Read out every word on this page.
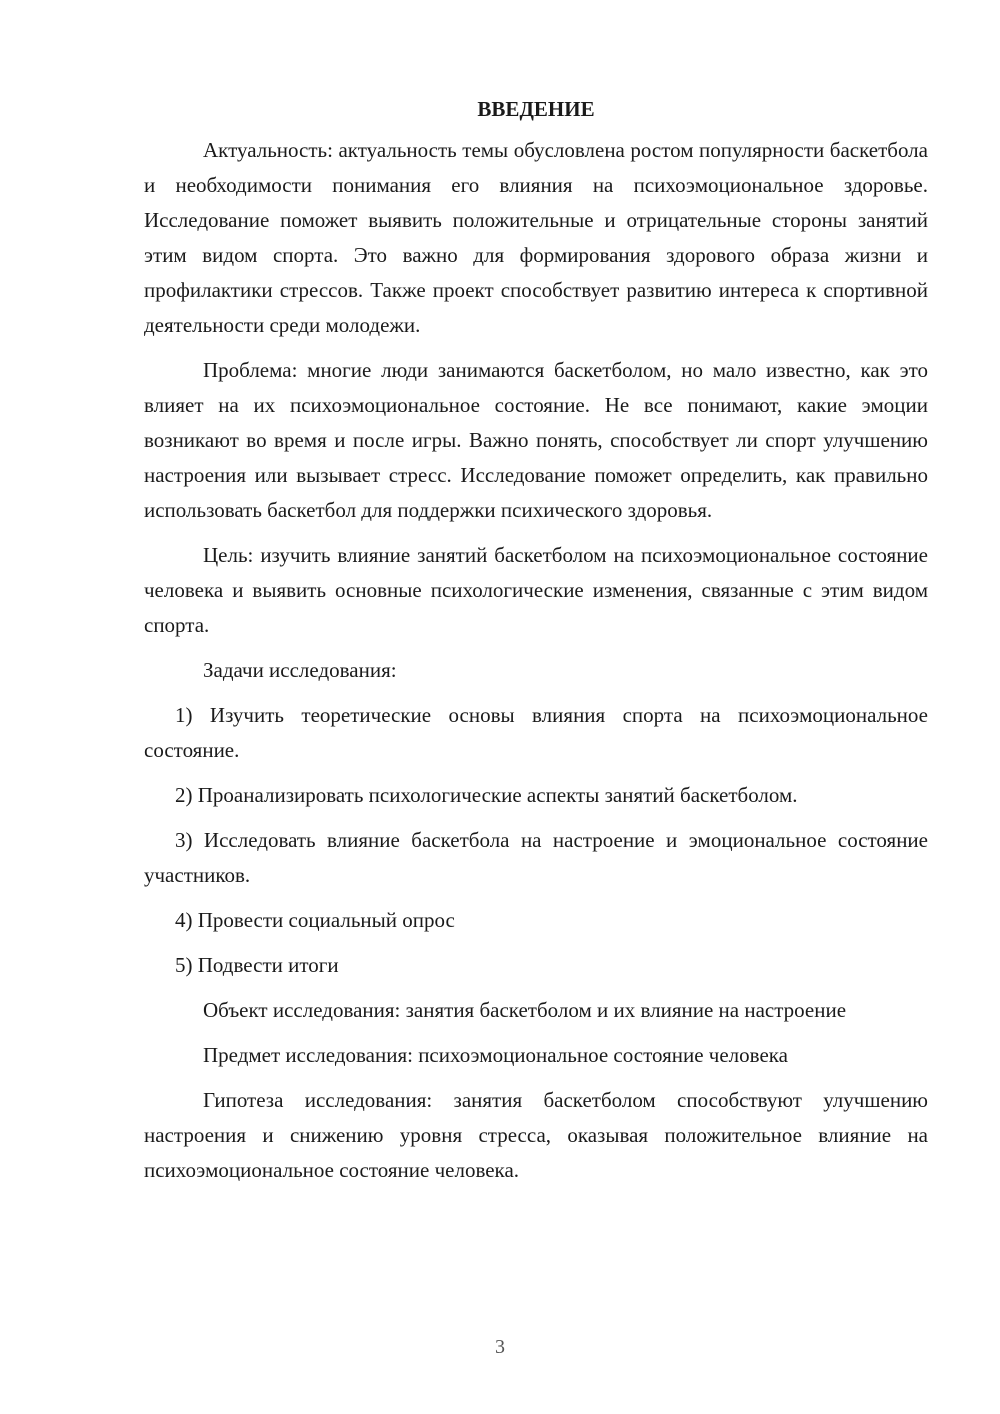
ВВЕДЕНИЕ

Актуальность: актуальность темы обусловлена ростом популярности баскетбола и необходимости понимания его влияния на психоэмоциональное здоровье. Исследование поможет выявить положительные и отрицательные стороны занятий этим видом спорта. Это важно для формирования здорового образа жизни и профилактики стрессов. Также проект способствует развитию интереса к спортивной деятельности среди молодежи.

Проблема: многие люди занимаются баскетболом, но мало известно, как это влияет на их психоэмоциональное состояние. Не все понимают, какие эмоции возникают во время и после игры. Важно понять, способствует ли спорт улучшению настроения или вызывает стресс. Исследование поможет определить, как правильно использовать баскетбол для поддержки психического здоровья.

Цель: изучить влияние занятий баскетболом на психоэмоциональное состояние человека и выявить основные психологические изменения, связанные с этим видом спорта.

Задачи исследования:

1) Изучить теоретические основы влияния спорта на психоэмоциональное состояние.

2) Проанализировать психологические аспекты занятий баскетболом.

3) Исследовать влияние баскетбола на настроение и эмоциональное состояние участников.

4) Провести социальный опрос

5) Подвести итоги

Объект исследования: занятия баскетболом и их влияние на настроение

Предмет исследования: психоэмоциональное состояние человека

Гипотеза исследования: занятия баскетболом способствуют улучшению настроения и снижению уровня стресса, оказывая положительное влияние на психоэмоциональное состояние человека.

3
